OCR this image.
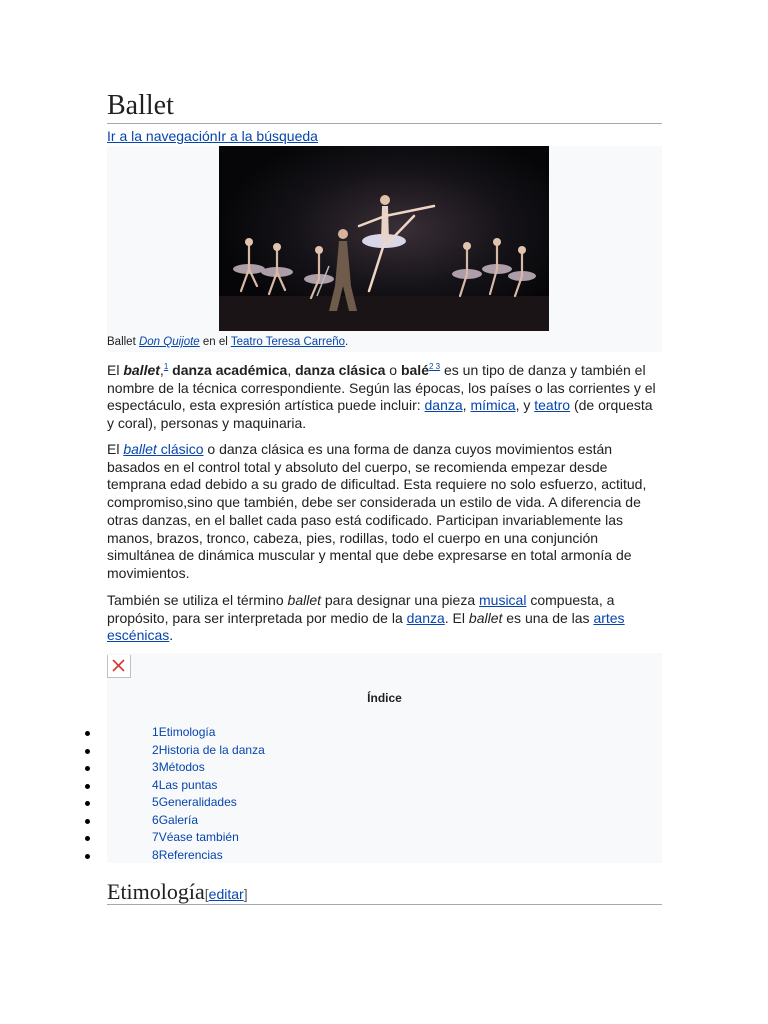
Ballet
Ir a la navegaciónIr a la búsqueda
Ballet Don Quijote en el Teatro Teresa Carreño.

El ballet,$^1$ danza académica, danza clásica o balé$^{2 3}$ es un tipo de danza y también el nombre de la técnica correspondiente. Según las épocas, los países o las corrientes y el espectáculo, esta expresión artística puede incluir: danza, mímica, y teatro (de orquesta y coral), personas y maquinaria.

El ballet clásico o danza clásica es una forma de danza cuyos movimientos están basados en el control total y absoluto del cuerpo, se recomienda empezar desde temprana edad debido a su grado de dificultad. Esta requiere no solo esfuerzo, actitud, compromiso,sino que también, debe ser considerada un estilo de vida. A diferencia de otras danzas, en el ballet cada paso está codificado. Participan invariablemente las manos, brazos, tronco, cabeza, pies, rodillas, todo el cuerpo en una conjunción simultánea de dinámica muscular y mental que debe expresarse en total armonía de movimientos.

También se utiliza el término ballet para designar una pieza musical compuesta, a propósito, para ser interpretada por medio de la danza. El ballet es una de las artes escénicas.

Índice
1Etimología
2Historia de la danza
3Métodos
4Las puntas
5Generalidades
6Galería
7Véase también
8Referencias
Etimología[editar]
